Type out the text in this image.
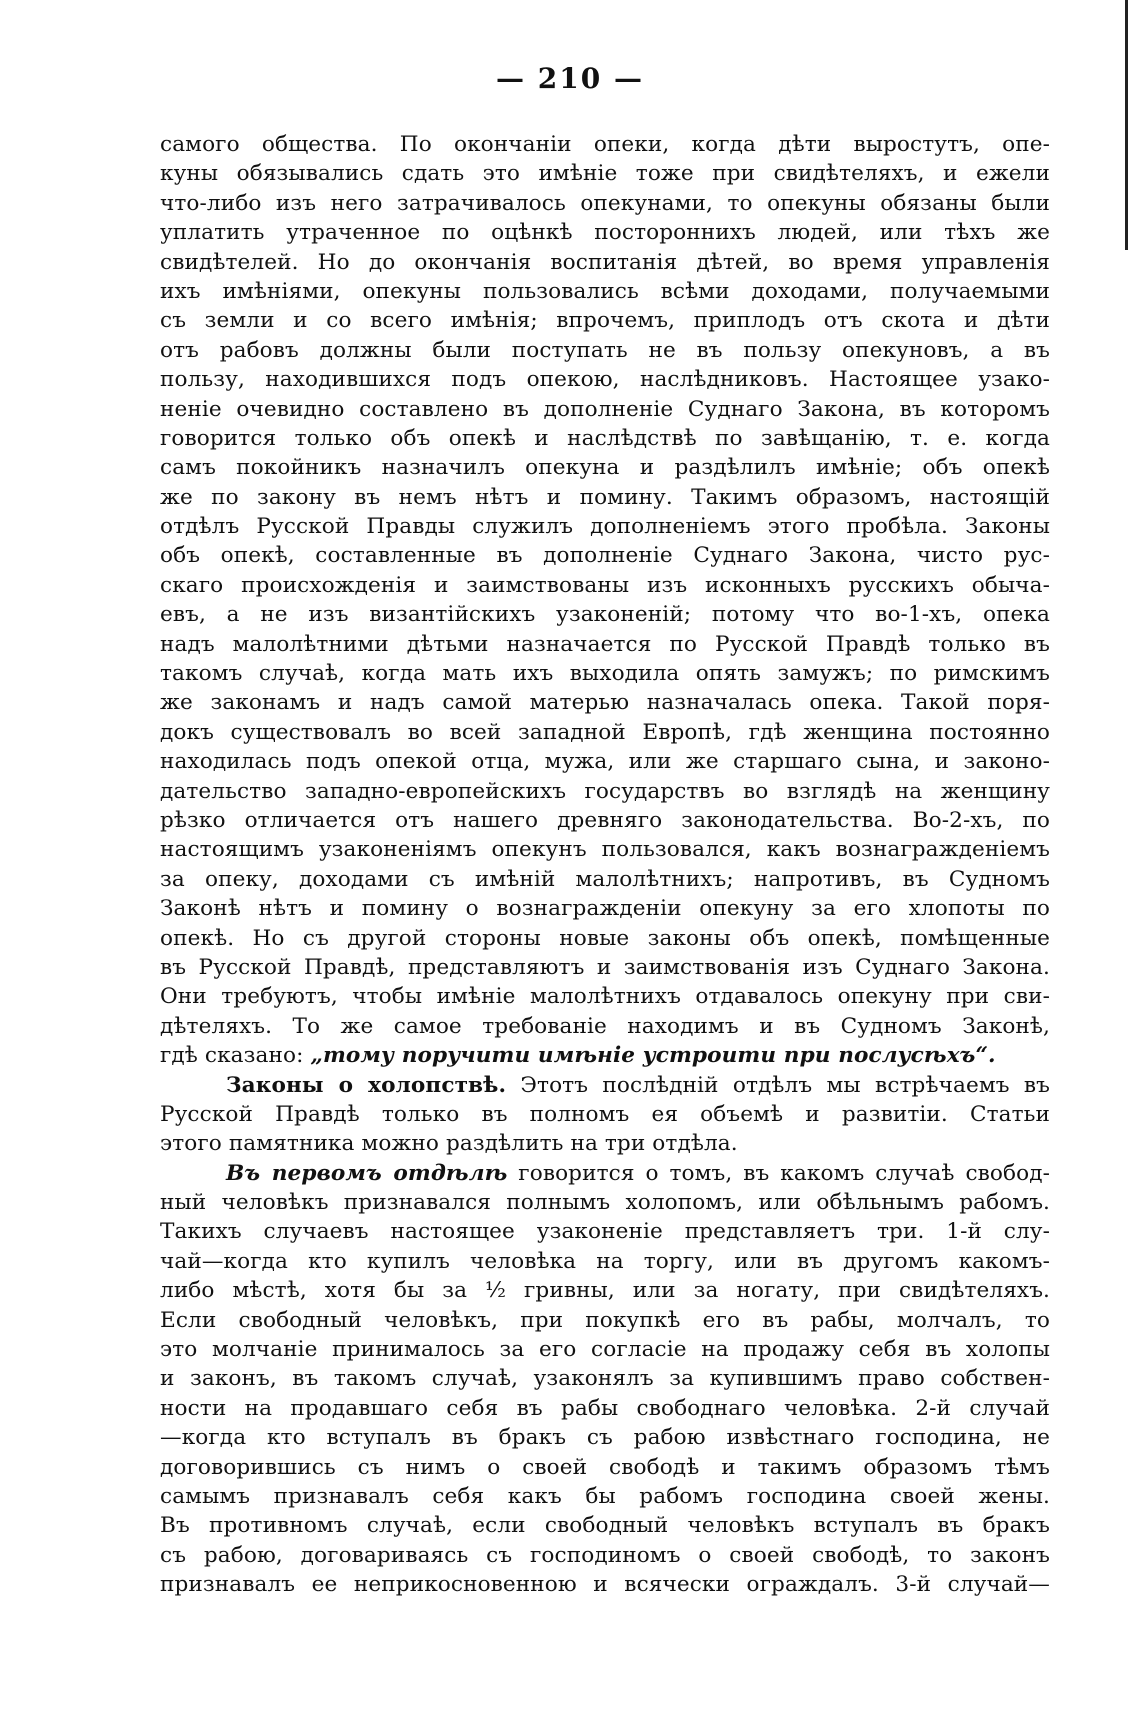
— 210 —
самого общества. По окончаніи опеки, когда дѣти выростутъ, опе-
куны обязывались сдать это имѣніе тоже при свидѣтеляхъ, и ежели
что-либо изъ него затрачивалось опекунами, то опекуны обязаны были
уплатить утраченное по оцѣнкѣ постороннихъ людей, или тѣхъ же
свидѣтелей. Но до окончанія воспитанія дѣтей, во время управленія
ихъ имѣніями, опекуны пользовались всѣми доходами, получаемыми
съ земли и со всего имѣнія; впрочемъ, приплодъ отъ скота и дѣти
отъ рабовъ должны были поступать не въ пользу опекуновъ, а въ
пользу, находившихся подъ опекою, наслѣдниковъ. Настоящее узако-
неніе очевидно составлено въ дополненіе Суднаго Закона, въ которомъ
говорится только объ опекѣ и наслѣдствѣ по завѣщанію, т. е. когда
самъ покойникъ назначилъ опекуна и раздѣлилъ имѣніе; объ опекѣ
же по закону въ немъ нѣтъ и помину. Такимъ образомъ, настоящій
отдѣлъ Русской Правды служилъ дополненіемъ этого пробѣла. Законы
объ опекѣ, составленные въ дополненіе Суднаго Закона, чисто рус-
скаго происхожденія и заимствованы изъ исконныхъ русскихъ обыча-
евъ, а не изъ византійскихъ узаконеній; потому что во-1-хъ, опека
надъ малолѣтними дѣтьми назначается по Русской Правдѣ только въ
такомъ случаѣ, когда мать ихъ выходила опять замужъ; по римскимъ
же законамъ и надъ самой матерью назначалась опека. Такой поря-
докъ существовалъ во всей западной Европѣ, гдѣ женщина постоянно
находилась подъ опекой отца, мужа, или же старшаго сына, и законо-
дательство западно-европейскихъ государствъ во взглядѣ на женщину
рѣзко отличается отъ нашего древняго законодательства. Во-2-хъ, по
настоящимъ узаконеніямъ опекунъ пользовался, какъ вознагражденіемъ
за опеку, доходами съ имѣній малолѣтнихъ; напротивъ, въ Судномъ
Законѣ нѣтъ и помину о вознагражденіи опекуну за его хлопоты по
опекѣ. Но съ другой стороны новые законы объ опекѣ, помѣщенные
въ Русской Правдѣ, представляютъ и заимствованія изъ Суднаго Закона.
Они требуютъ, чтобы имѣніе малолѣтнихъ отдавалось опекуну при сви-
дѣтеляхъ. То же самое требованіе находимъ и въ Судномъ Законѣ,
гдѣ сказано: „тому поручити имѣніе устроити при послусѣхъ“.
Законы о холопствѣ. Этотъ послѣдній отдѣлъ мы встрѣчаемъ въ
Русской Правдѣ только въ полномъ ея объемѣ и развитіи. Статьи
этого памятника можно раздѣлить на три отдѣла.
Въ первомъ отдѣлѣ говорится о томъ, въ какомъ случаѣ свобод-
ный человѣкъ признавался полнымъ холопомъ, или обѣльнымъ рабомъ.
Такихъ случаевъ настоящее узаконеніе представляетъ три. 1-й слу-
чай—когда кто купилъ человѣка на торгу, или въ другомъ какомъ-
либо мѣстѣ, хотя бы за ½ гривны, или за ногату, при свидѣтеляхъ.
Если свободный человѣкъ, при покупкѣ его въ рабы, молчалъ, то
это молчаніе принималось за его согласіе на продажу себя въ холопы
и законъ, въ такомъ случаѣ, узаконялъ за купившимъ право собствен-
ности на продавшаго себя въ рабы свободнаго человѣка. 2-й случай
—когда кто вступалъ въ бракъ съ рабою извѣстнаго господина, не
договорившись съ нимъ о своей свободѣ и такимъ образомъ тѣмъ
самымъ признавалъ себя какъ бы рабомъ господина своей жены.
Въ противномъ случаѣ, если свободный человѣкъ вступалъ въ бракъ
съ рабою, договариваясь съ господиномъ о своей свободѣ, то законъ
признавалъ ее неприкосновенною и всячески ограждалъ. 3-й случай—
